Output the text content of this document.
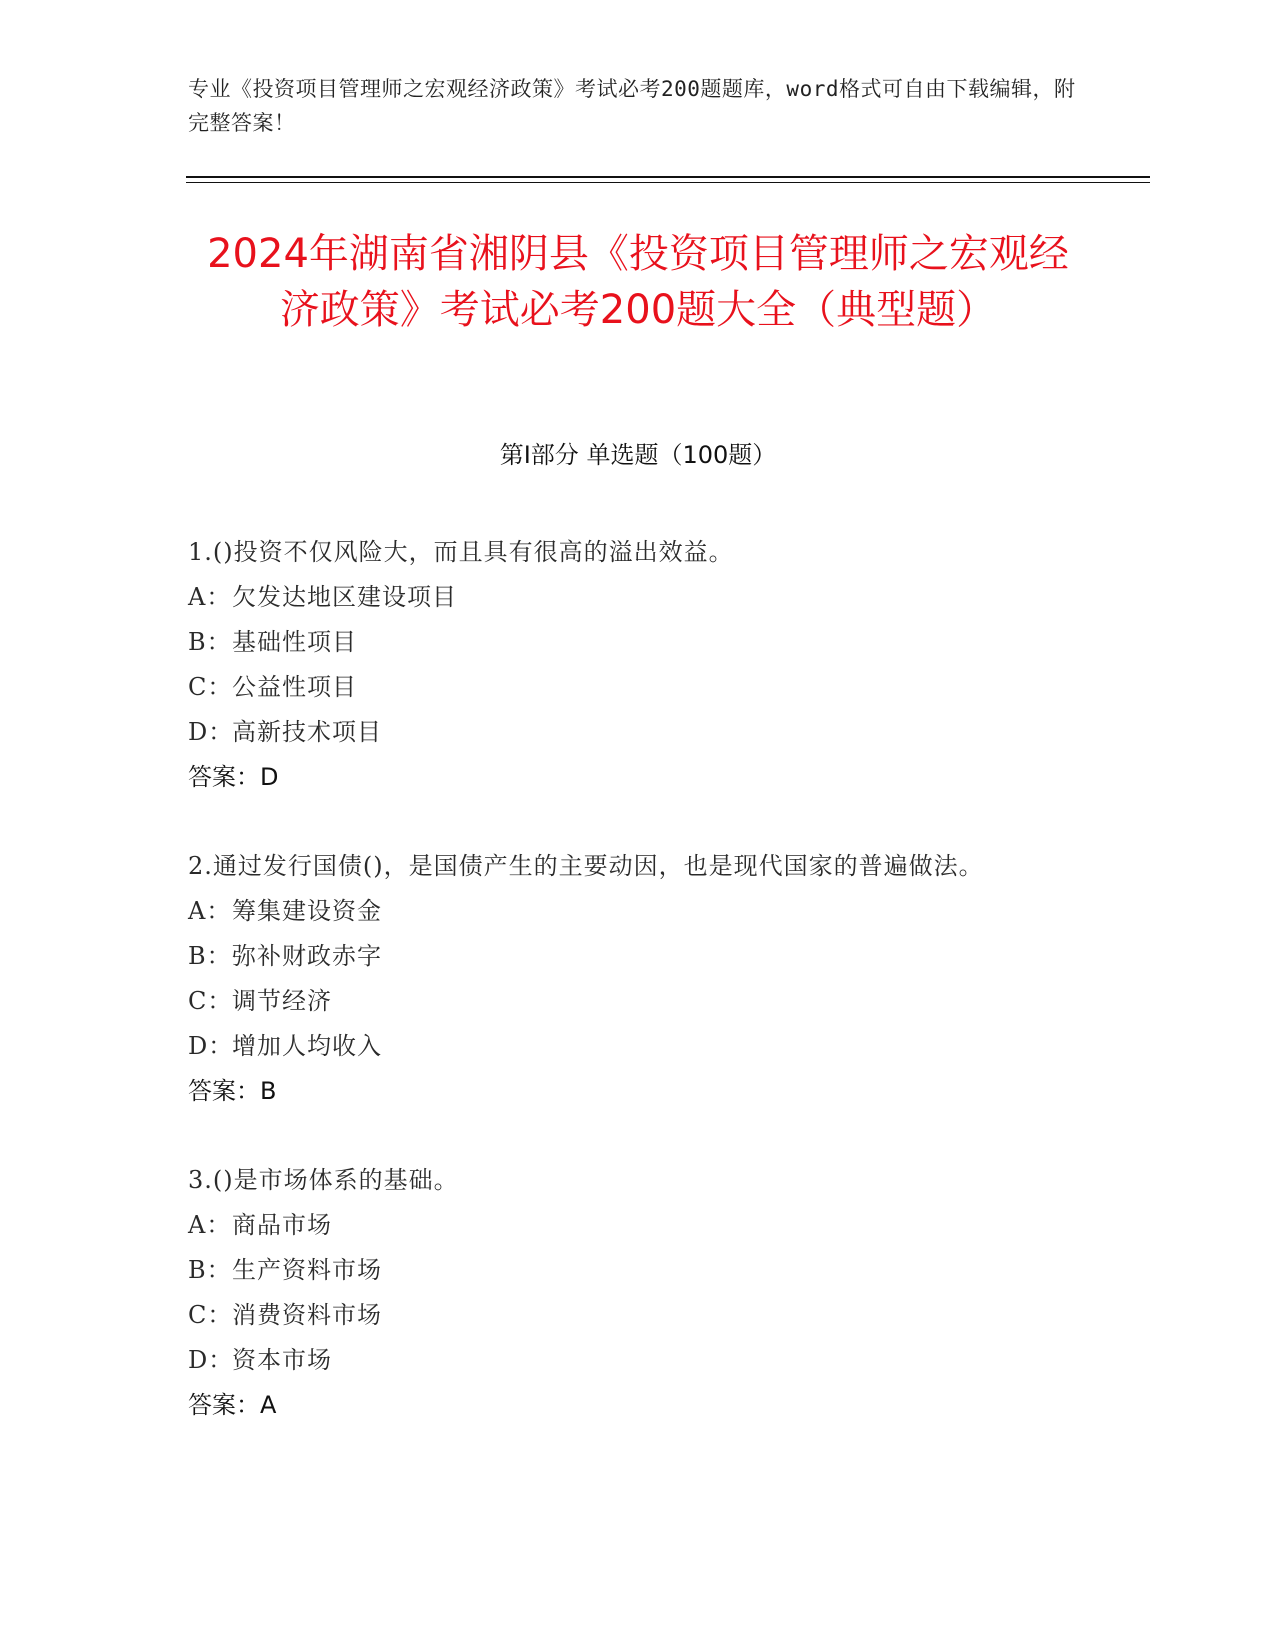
专业《投资项目管理师之宏观经济政策》考试必考200题题库，word格式可自由下载编辑，附完整答案！
2024年湖南省湘阴县《投资项目管理师之宏观经济政策》考试必考200题大全（典型题）
第Ⅰ部分 单选题（100题）
1.()投资不仅风险大，而且具有很高的溢出效益。
A：欠发达地区建设项目
B：基础性项目
C：公益性项目
D：高新技术项目
答案：D
2.通过发行国债()，是国债产生的主要动因，也是现代国家的普遍做法。
A：筹集建设资金
B：弥补财政赤字
C：调节经济
D：增加人均收入
答案：B
3.()是市场体系的基础。
A：商品市场
B：生产资料市场
C：消费资料市场
D：资本市场
答案：A
